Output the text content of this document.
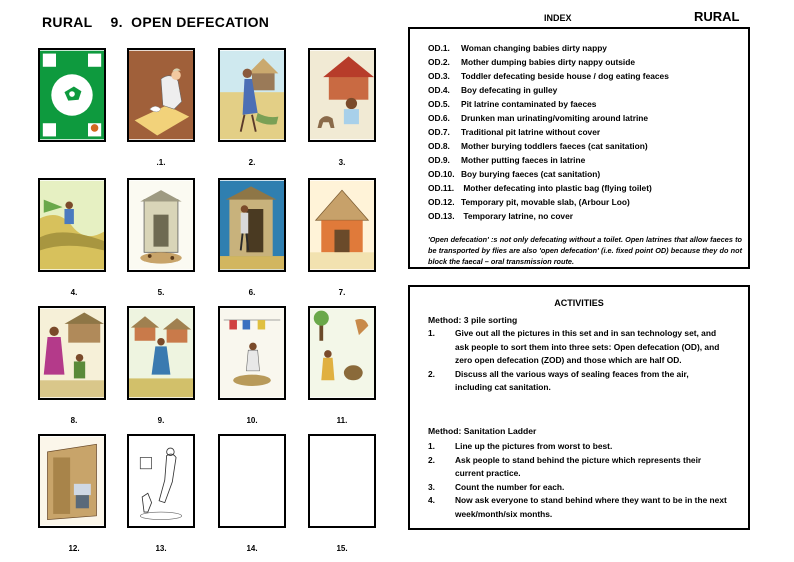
RURAL 9. OPEN DEFECATION	INDEX	RURAL
.1.	2.	3.
4.	5.	6.	7.
8.	9.	10.	11.
12.	13.	14.	15.
OD.1. Woman changing babies dirty nappy
OD.2. Mother dumping babies dirty nappy outside
OD.3. Toddler defecating beside house / dog eating feaces
OD.4. Boy defecating in gulley
OD.5. Pit latrine contaminated by faeces
OD.6. Drunken man urinating/vomiting around latrine
OD.7. Traditional pit latrine without cover
OD.8. Mother burying toddlers faeces (cat sanitation)
OD.9. Mother putting faeces in latrine
OD.10. Boy burying faeces (cat sanitation)
OD.11. Mother defecating into plastic bag (flying toilet)
OD.12. Temporary pit, movable slab, (Arbour Loo)
OD.13. Temporary latrine, no cover
'Open defecation' :s not only defecating without a toilet. Open latrines that allow faeces to be transported by flies are also 'open defecation' (i.e. fixed point OD) because they do not block the faecal – oral transmission route.
ACTIVITIES
Method: 3 pile sorting
1. Give out all the pictures in this set and in san technology set, and ask people to sort them into three sets: Open defecation (OD), and zero open defecation (ZOD) and those which are half OD.
2. Discuss all the various ways of sealing feaces from the air, including cat sanitation.
Method: Sanitation Ladder
1. Line up the pictures from worst to best.
2. Ask people to stand behind the picture which represents their current practice.
3. Count the number for each.
4. Now ask everyone to stand behind where they want to be in the next week/month/six months.
